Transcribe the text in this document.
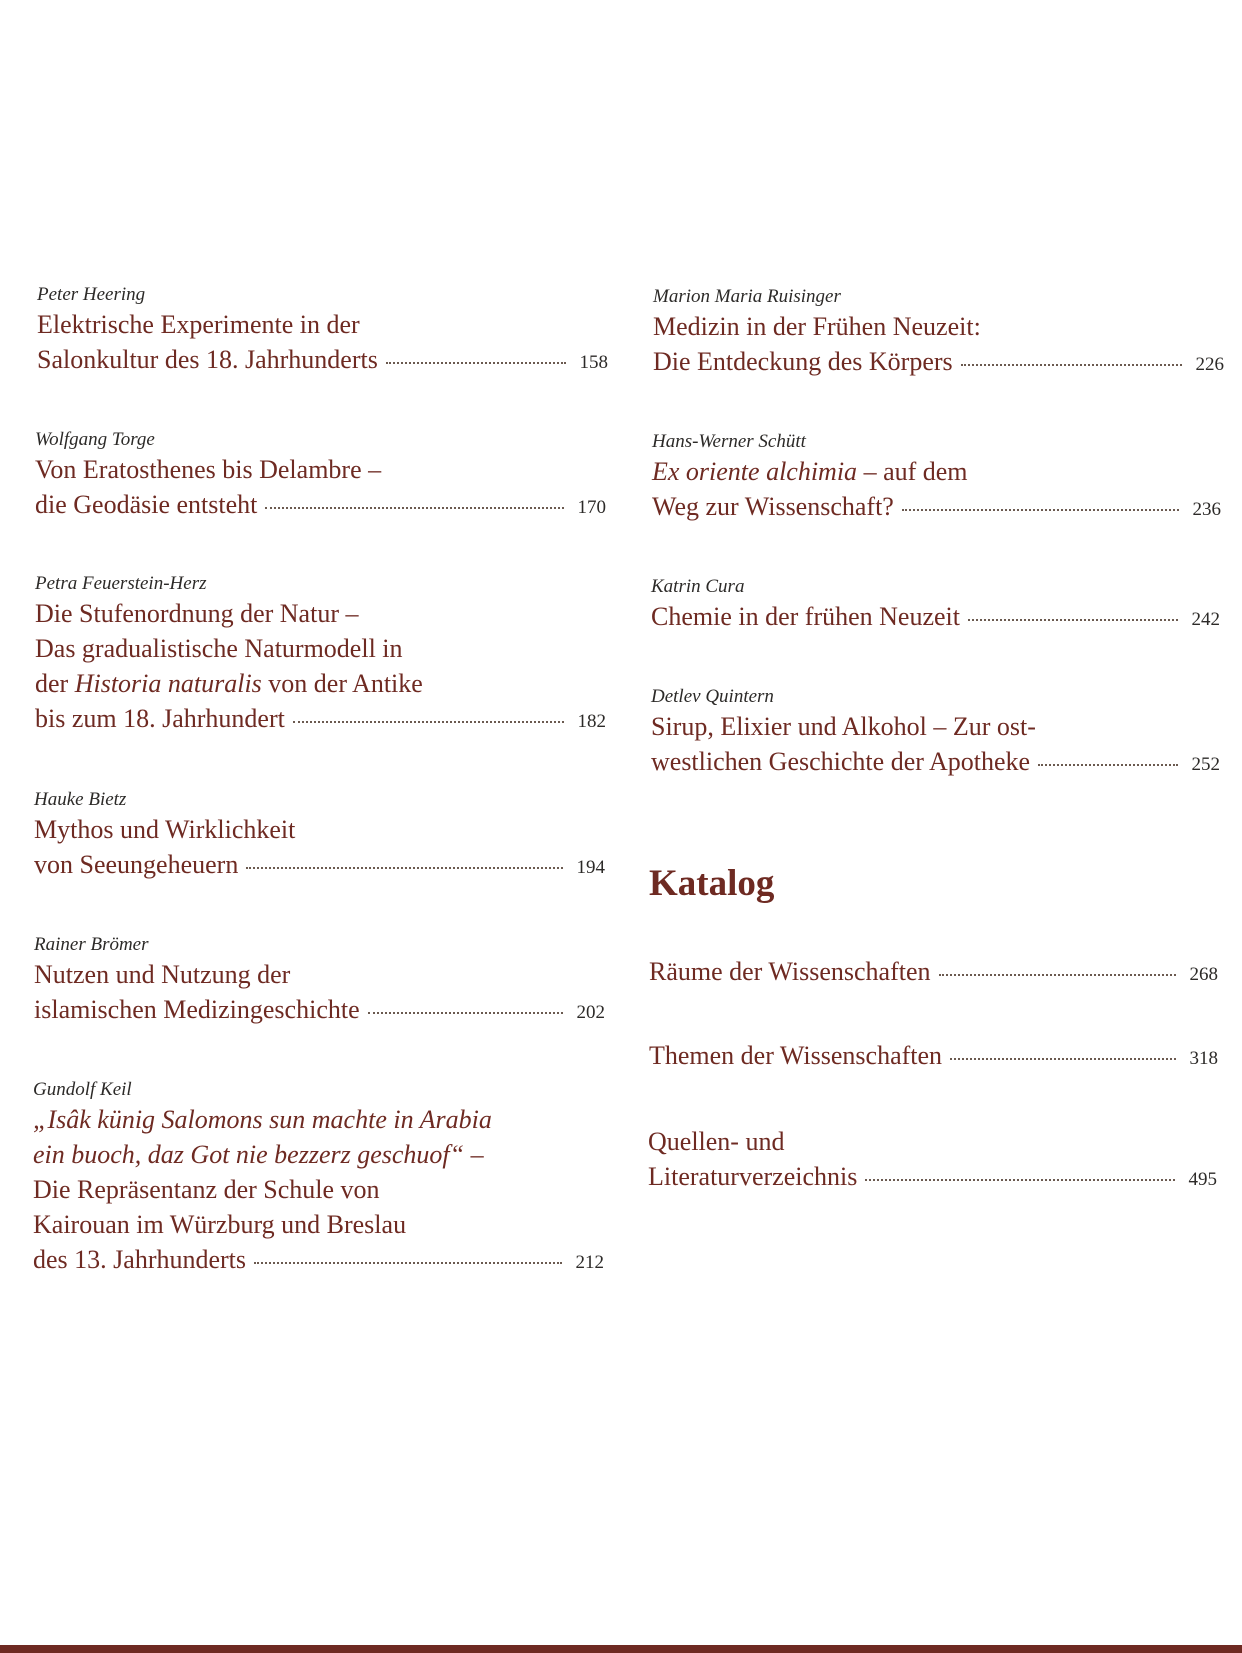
Peter Heering
Elektrische Experimente in der
Salonkultur des 18. Jahrhunderts	158
Wolfgang Torge
Von Eratosthenes bis Delambre –
die Geodäsie entsteht	170
Petra Feuerstein-Herz
Die Stufenordnung der Natur –
Das gradualistische Naturmodell in
der Historia naturalis von der Antike
bis zum 18. Jahrhundert	182
Hauke Bietz
Mythos und Wirklichkeit
von Seeungeheuern	194
Rainer Brömer
Nutzen und Nutzung der
islamischen Medizingeschichte	202
Gundolf Keil
„Isâk künig Salomons sun machte in Arabia
ein buoch, daz Got nie bezzerz geschuof“ –
Die Repräsentanz der Schule von
Kairouan im Würzburg und Breslau
des 13. Jahrhunderts	212
Marion Maria Ruisinger
Medizin in der Frühen Neuzeit:
Die Entdeckung des Körpers	226
Hans-Werner Schütt
Ex oriente alchimia – auf dem
Weg zur Wissenschaft?	236
Katrin Cura
Chemie in der frühen Neuzeit	242
Detlev Quintern
Sirup, Elixier und Alkohol – Zur ost-
westlichen Geschichte der Apotheke	252
Katalog
Räume der Wissenschaften	268
Themen der Wissenschaften	318
Quellen- und
Literaturverzeichnis	495
